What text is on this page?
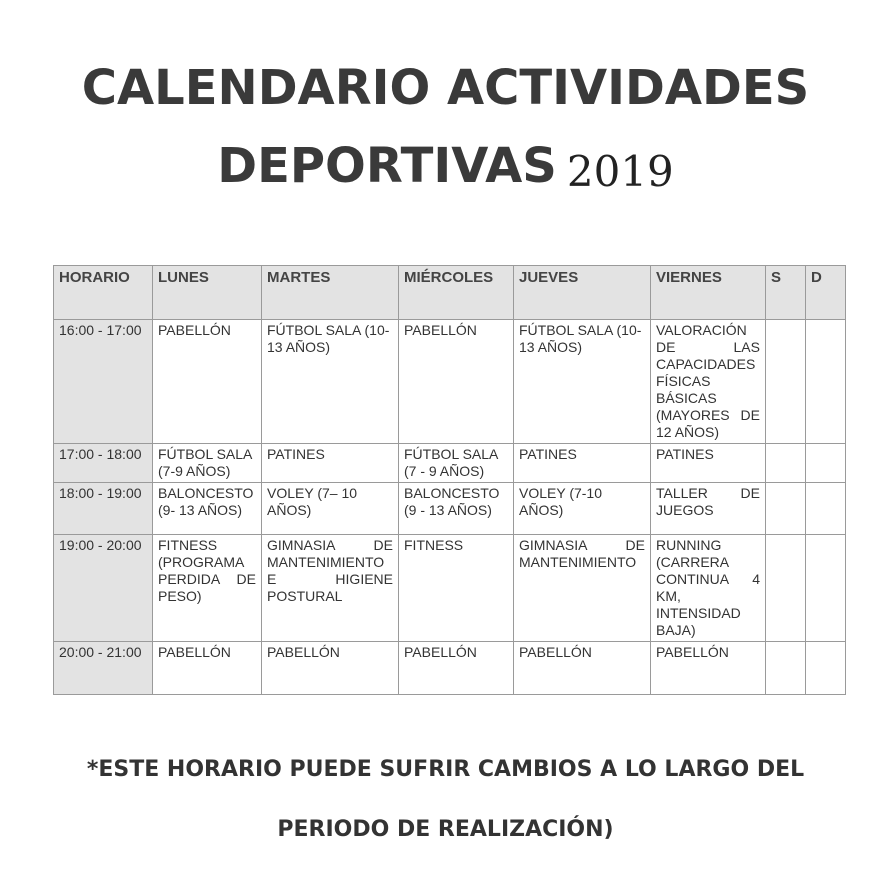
CALENDARIO ACTIVIDADES
DEPORTIVAS 2019
HORARIO	LUNES	MARTES	MIÉRCOLES	JUEVES	VIERNES	S	D
16:00 - 17:00	PABELLÓN	FÚTBOL SALA (10-13 AÑOS)	PABELLÓN	FÚTBOL SALA (10-13 AÑOS)	VALORACIÓN DE LAS CAPACIDADES FÍSICAS BÁSICAS (MAYORES DE 12 AÑOS)		
17:00 - 18:00	FÚTBOL SALA (7-9 AÑOS)	PATINES	FÚTBOL SALA (7 - 9 AÑOS)	PATINES	PATINES		
18:00 - 19:00	BALONCESTO (9- 13 AÑOS)	VOLEY (7– 10 AÑOS)	BALONCESTO (9 - 13 AÑOS)	VOLEY (7-10 AÑOS)	TALLER DE JUEGOS		
19:00 - 20:00	FITNESS (PROGRAMA PERDIDA DE PESO)	GIMNASIA DE MANTENIMIENTO E HIGIENE POSTURAL	FITNESS	GIMNASIA DE MANTENIMIENTO	RUNNING (CARRERA CONTINUA 4 KM, INTENSIDAD BAJA)		
20:00 - 21:00	PABELLÓN	PABELLÓN	PABELLÓN	PABELLÓN	PABELLÓN		
*ESTE HORARIO PUEDE SUFRIR CAMBIOS A LO LARGO DEL
PERIODO DE REALIZACIÓN)
